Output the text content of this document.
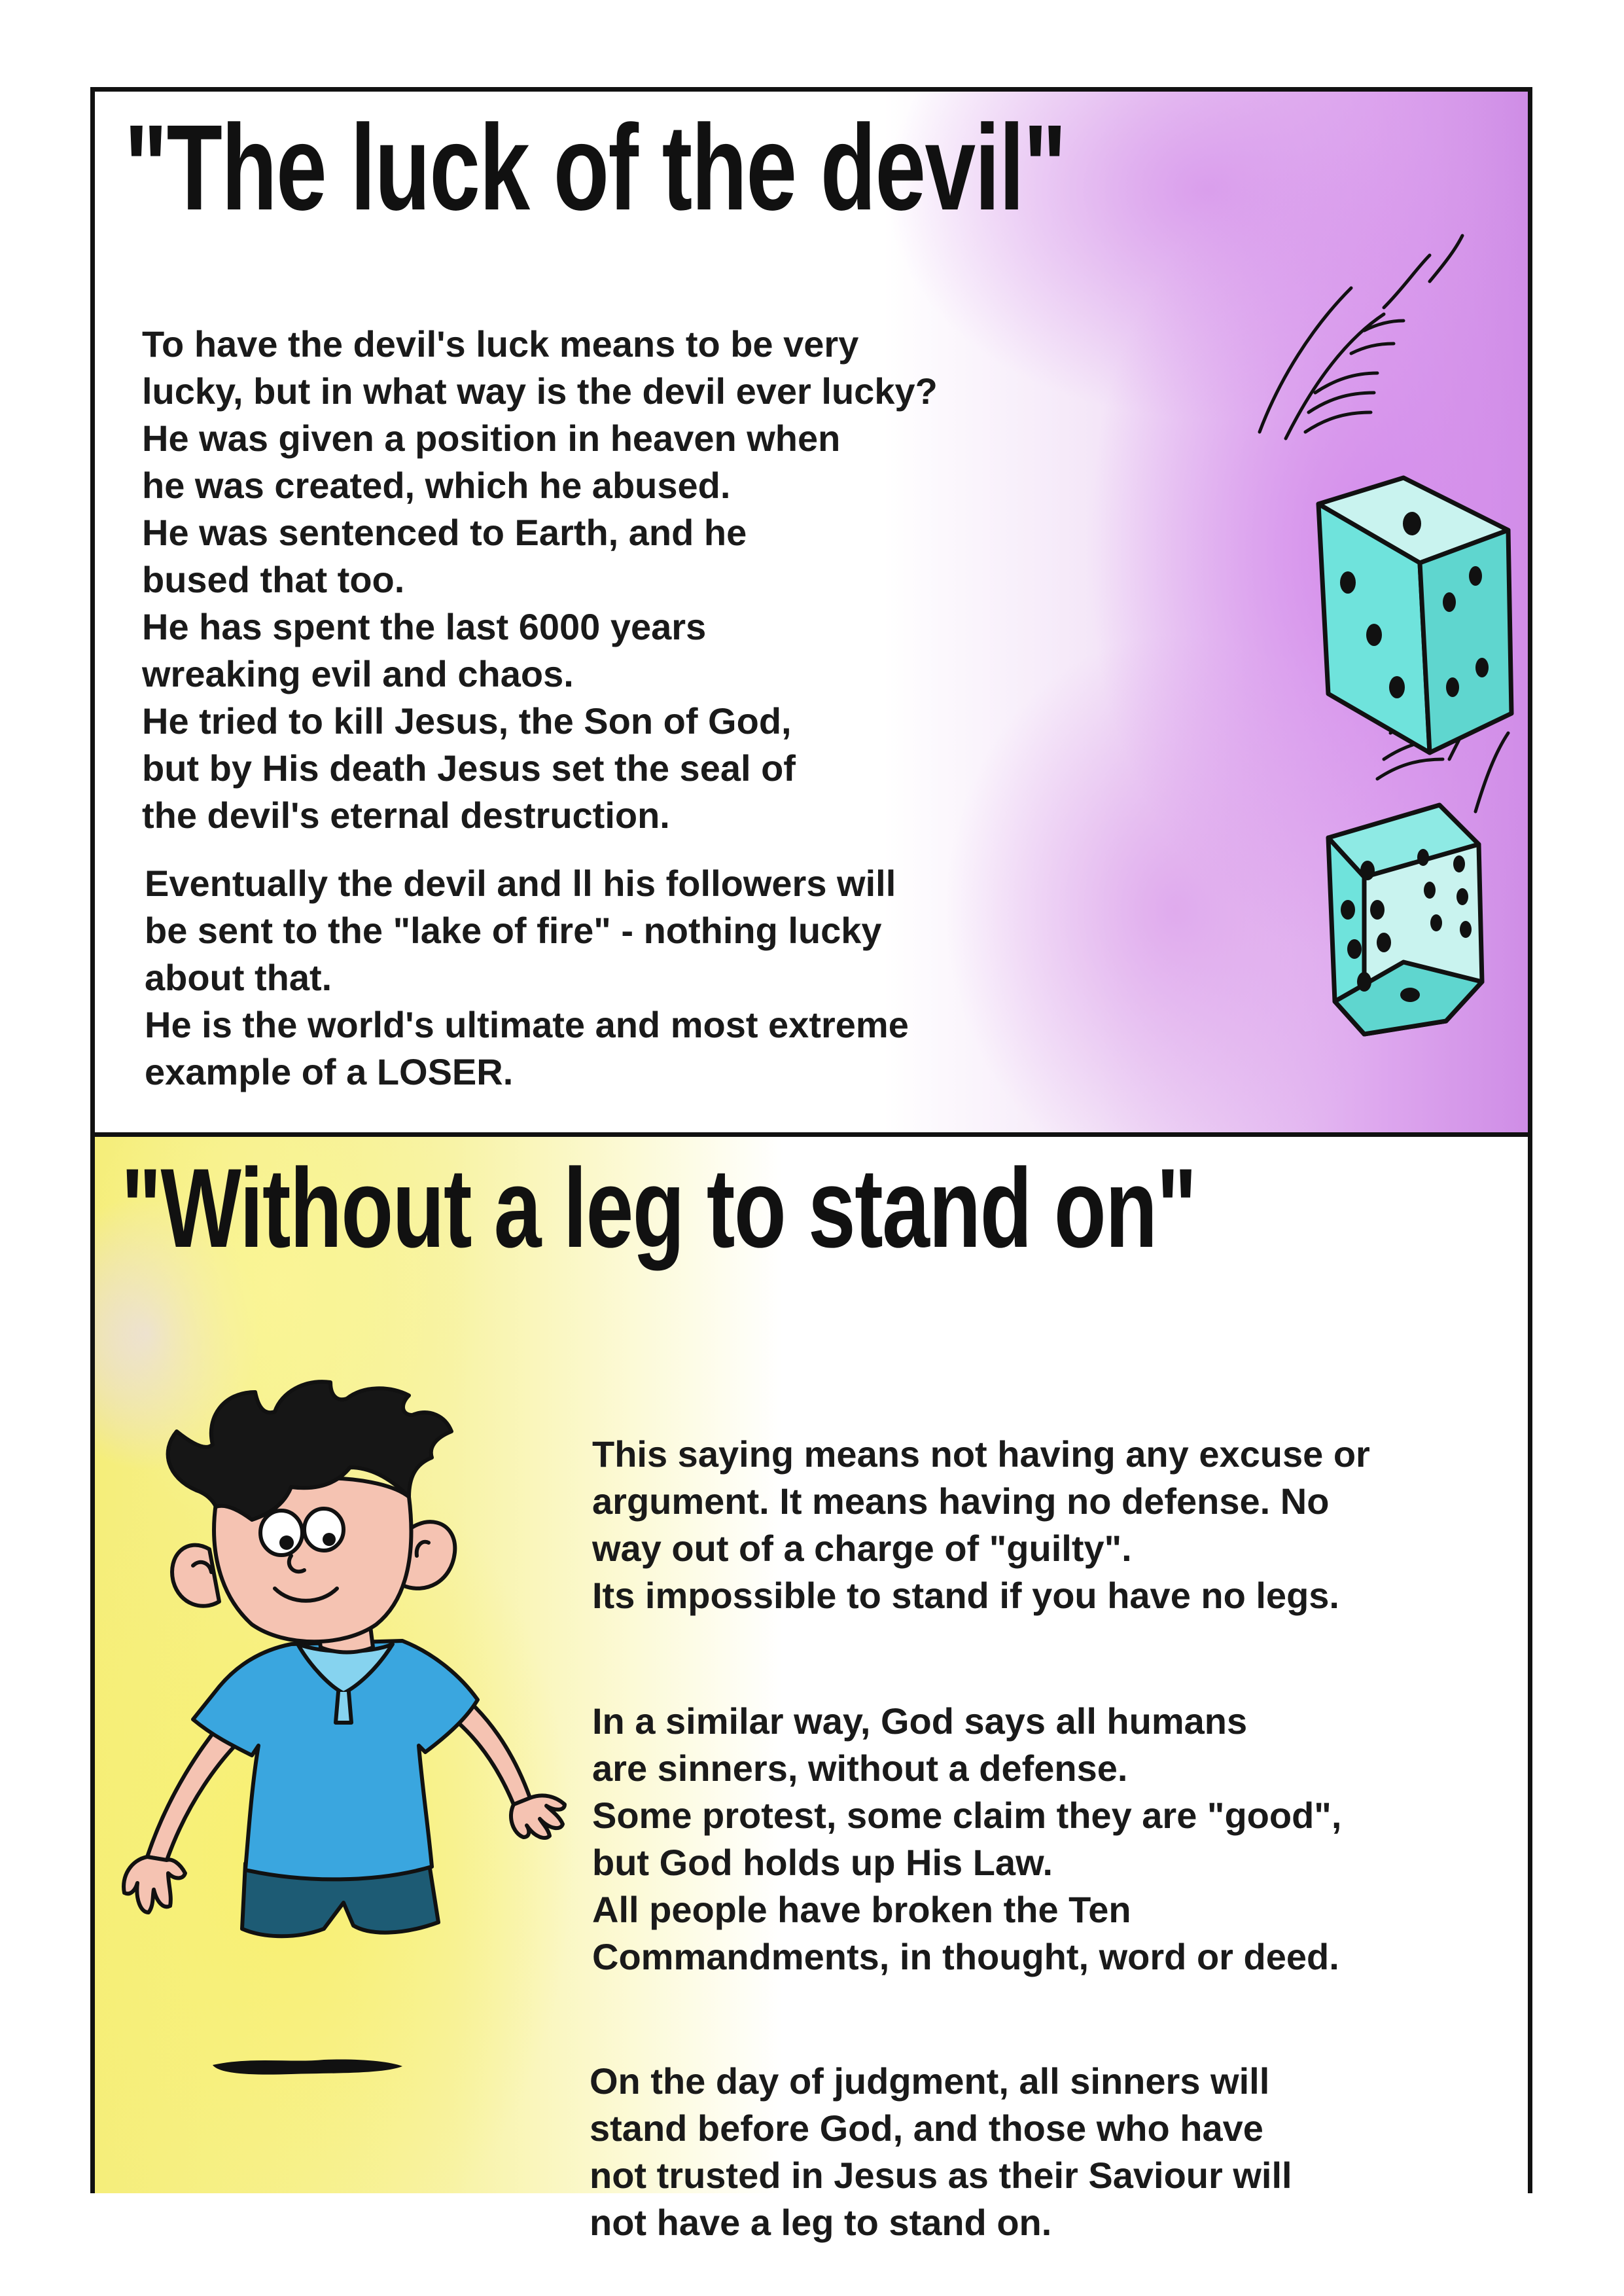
"The luck of the devil"
To have the devil's luck means to be very
lucky, but in what way is the devil ever lucky?
He was given a position in heaven when
he was created, which he abused.
He was sentenced to Earth, and he
bused that too.
He has spent the last 6000 years
wreaking evil and chaos.
He tried to kill Jesus, the Son of God,
but by His death Jesus set the seal of
the devil's eternal destruction.
Eventually the devil and ll his followers will
be sent to the "lake of fire" - nothing lucky
about that.
He is the world's ultimate and most extreme
example of a LOSER.
"Without a leg to stand on"
This saying means not having any excuse or
argument. It means having no defense. No
way out of a charge of "guilty".
Its impossible to stand if you have no legs.
In a similar way, God says all humans
are sinners, without a defense.
Some protest, some claim they are "good",
but God holds up His Law.
All people have broken the Ten
Commandments, in thought, word or deed.
On the day of judgment, all sinners will
stand before God, and those who have
not trusted in Jesus as their Saviour will
not have a leg to stand on.
